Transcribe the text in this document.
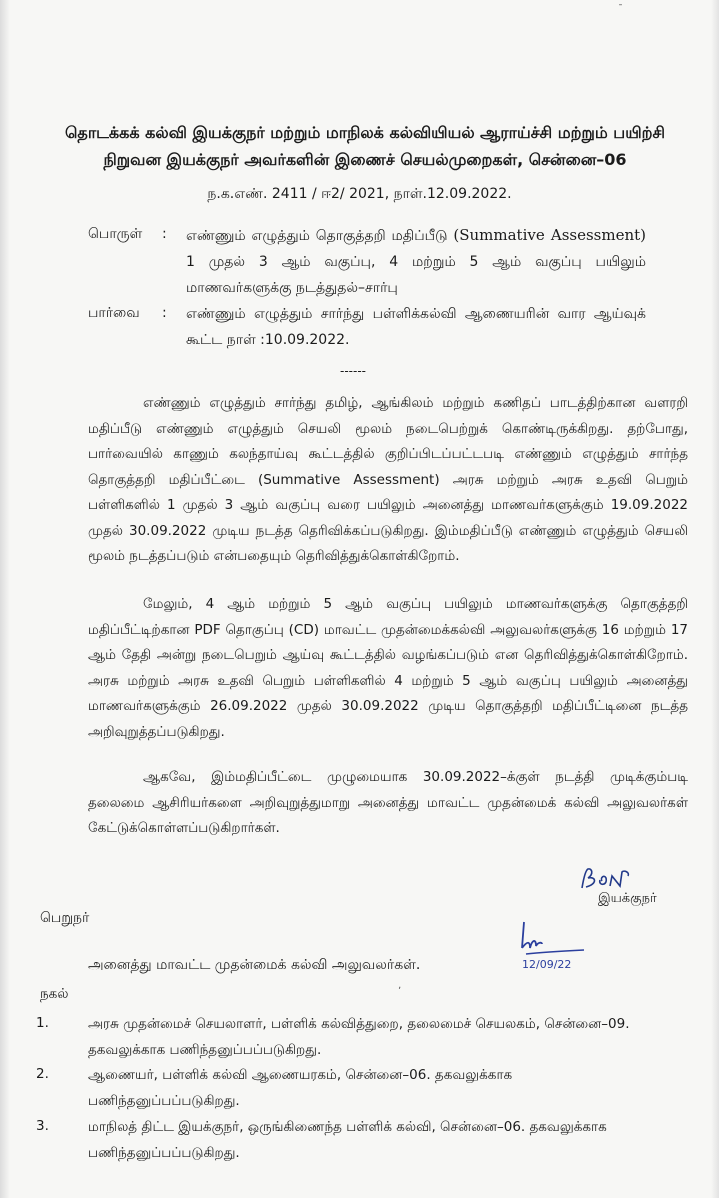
ˉ
ʼ
தொடக்கக் கல்வி இயக்குநர் மற்றும் மாநிலக் கல்வியியல் ஆராய்ச்சி மற்றும் பயிற்சி
நிறுவன இயக்குநர் அவர்களின் இணைச் செயல்முறைகள், சென்னை–06
ந.க.எண். 2411 / ஈ2/ 2021, நாள்.12.09.2022.
பொருள் : எண்ணும் எழுத்தும் தொகுத்தறி மதிப்பீடு (Summative Assessment) 1 முதல் 3 ஆம் வகுப்பு, 4 மற்றும் 5 ஆம் வகுப்பு பயிலும் மாணவர்களுக்கு நடத்துதல்–சார்பு
பார்வை : எண்ணும் எழுத்தும் சார்ந்து பள்ளிக்கல்வி ஆணையரின் வார ஆய்வுக் கூட்ட நாள் :10.09.2022.
------

எண்ணும் எழுத்தும் சார்ந்து தமிழ், ஆங்கிலம் மற்றும் கணிதப் பாடத்திற்கான வளரறி மதிப்பீடு எண்ணும் எழுத்தும் செயலி மூலம் நடைபெற்றுக் கொண்டிருக்கிறது. தற்போது, பார்வையில் காணும் கலந்தாய்வு கூட்டத்தில் குறிப்பிடப்பட்டபடி எண்ணும் எழுத்தும் சார்ந்த தொகுத்தறி மதிப்பீட்டை (Summative Assessment) அரசு மற்றும் அரசு உதவி பெறும் பள்ளிகளில் 1 முதல் 3 ஆம் வகுப்பு வரை பயிலும் அனைத்து மாணவர்களுக்கும் 19.09.2022 முதல் 30.09.2022 முடிய நடத்த தெரிவிக்கப்படுகிறது. இம்மதிப்பீடு எண்ணும் எழுத்தும் செயலி மூலம் நடத்தப்படும் என்பதையும் தெரிவித்துக்கொள்கிறோம்.

மேலும், 4 ஆம் மற்றும் 5 ஆம் வகுப்பு பயிலும் மாணவர்களுக்கு தொகுத்தறி மதிப்பீட்டிற்கான PDF தொகுப்பு (CD) மாவட்ட முதன்மைக்கல்வி அலுவலர்களுக்கு 16 மற்றும் 17 ஆம் தேதி அன்று நடைபெறும் ஆய்வு கூட்டத்தில் வழங்கப்படும் என தெரிவித்துக்கொள்கிறோம். அரசு மற்றும் அரசு உதவி பெறும் பள்ளிகளில் 4 மற்றும் 5 ஆம் வகுப்பு பயிலும் அனைத்து மாணவர்களுக்கும் 26.09.2022 முதல் 30.09.2022 முடிய தொகுத்தறி மதிப்பீட்டினை நடத்த அறிவுறுத்தப்படுகிறது.

ஆகவே, இம்மதிப்பீட்டை முழுமையாக 30.09.2022–க்குள் நடத்தி முடிக்கும்படி தலைமை ஆசிரியர்களை அறிவுறுத்துமாறு அனைத்து மாவட்ட முதன்மைக் கல்வி அலுவலர்கள் கேட்டுக்கொள்ளப்படுகிறார்கள்.

இயக்குநர்
பெறுநர்
12/09/22
அனைத்து மாவட்ட முதன்மைக் கல்வி அலுவலர்கள்.
நகல்
1.	அரசு முதன்மைச் செயலாளர், பள்ளிக் கல்வித்துறை, தலைமைச் செயலகம், சென்னை–09. தகவலுக்காக பணிந்தனுப்பப்படுகிறது.
2.	ஆணையர், பள்ளிக் கல்வி ஆணையரகம், சென்னை–06. தகவலுக்காக பணிந்தனுப்பப்படுகிறது.
3.	மாநிலத் திட்ட இயக்குநர், ஒருங்கிணைந்த பள்ளிக் கல்வி, சென்னை–06. தகவலுக்காக பணிந்தனுப்பப்படுகிறது.
